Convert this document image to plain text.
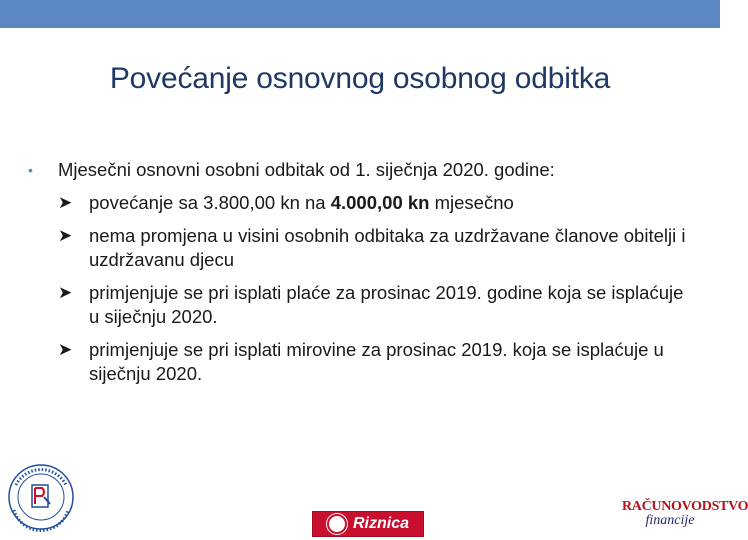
Povećanje osnovnog osobnog odbitka
• Mjesečni osnovni osobni odbitak od 1. siječnja 2020. godine:
➤ povećanje sa 3.800,00 kn na 4.000,00 kn mjesečno
➤ nema promjena u visini osobnih odbitaka za uzdržavane članove obitelji i uzdržavanu djecu
➤ primjenjuje se pri isplati plaće za prosinac 2019. godine koja se isplaćuje u siječnju 2020.
➤ primjenjuje se pri isplati mirovine za prosinac 2019. koja se isplaćuje u siječnju 2020.
Riznica
RAČUNOVODSTVO
financije
